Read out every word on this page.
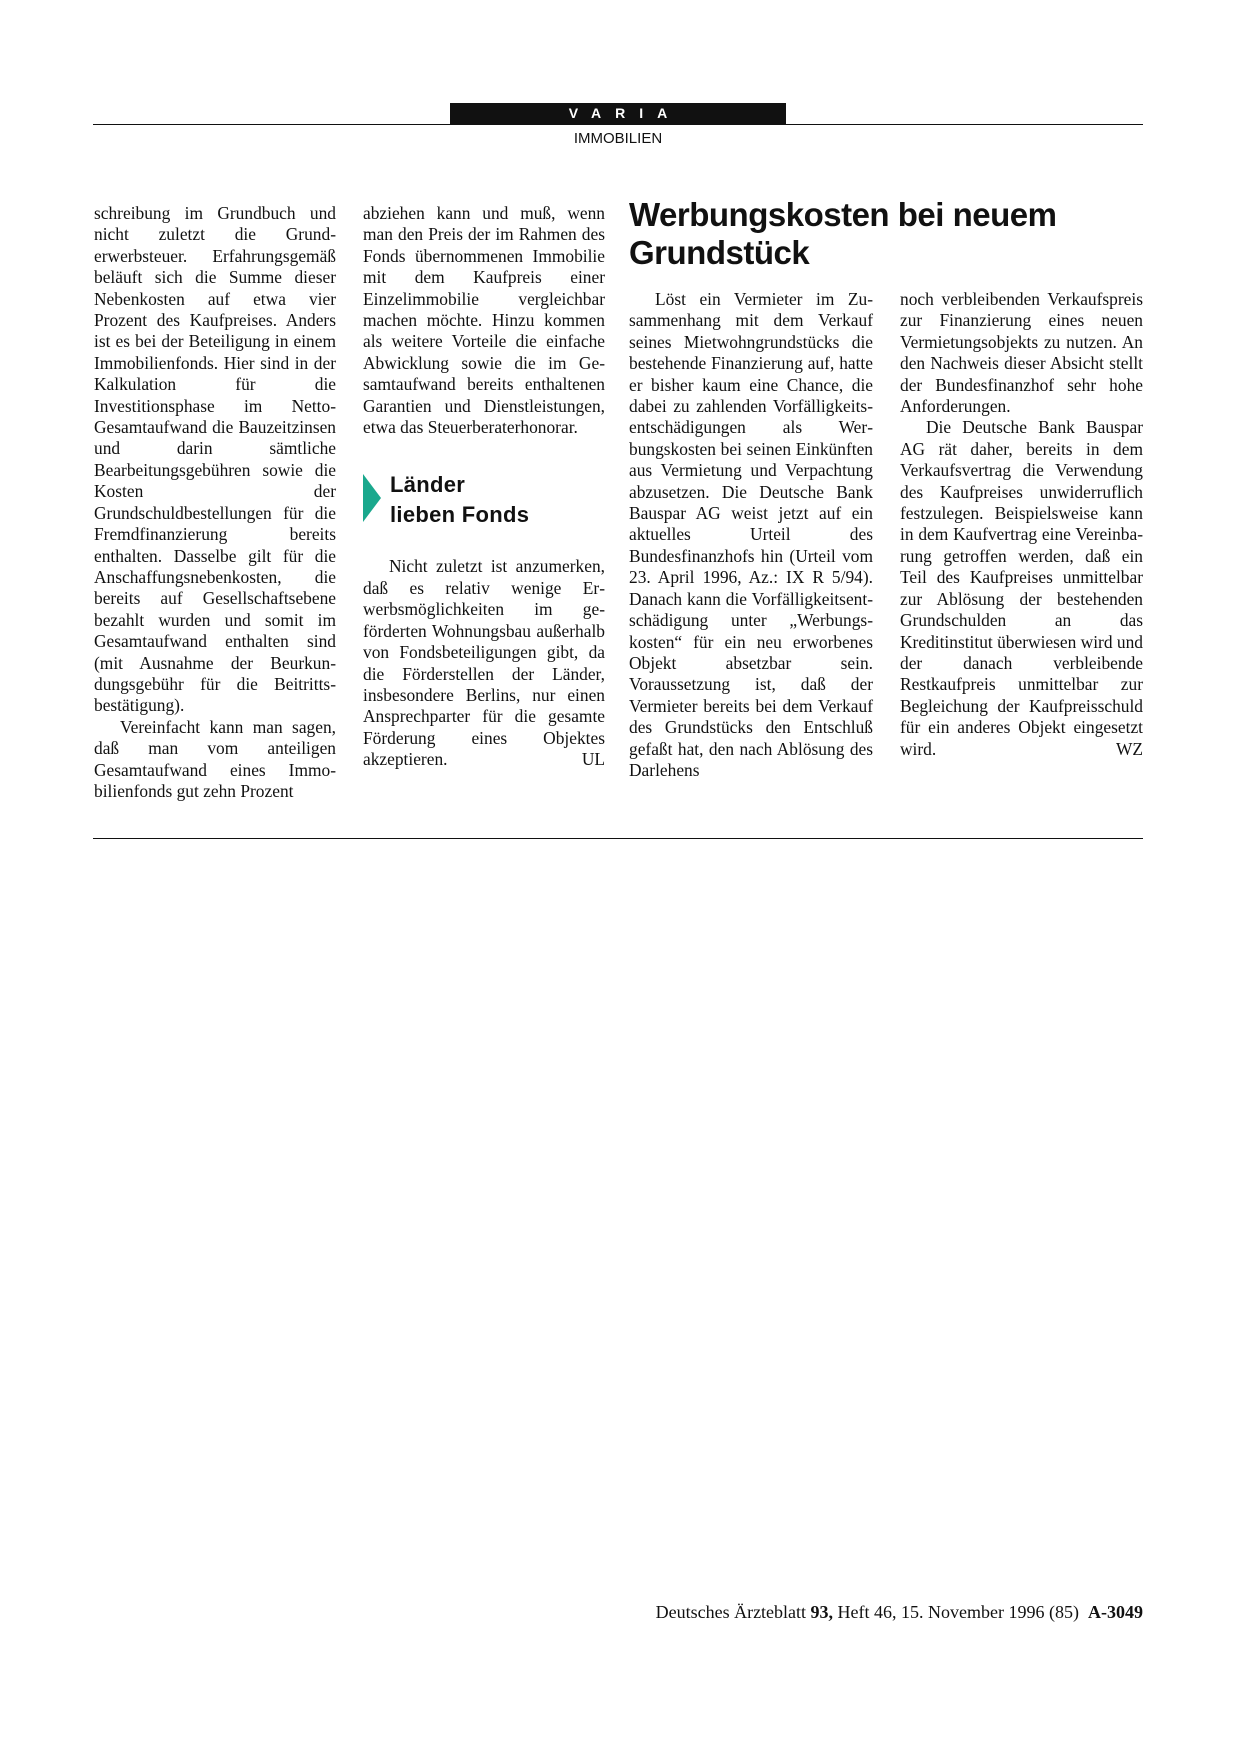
VARIA
IMMOBILIEN

schreibung im Grundbuch und nicht zuletzt die Grunderwerbsteuer. Erfahrungsgemäß beläuft sich die Summe dieser Nebenkosten auf etwa vier Prozent des Kaufpreises. Anders ist es bei der Beteiligung in einem Immobilienfonds. Hier sind in der Kalkulation für die Investitionsphase im Netto-Gesamtaufwand die Bauzeitzinsen und darin sämtliche Bearbeitungsgebühren sowie die Kosten der Grundschuldbestellungen für die Fremdfinanzierung bereits enthalten. Dasselbe gilt für die Anschaffungsnebenkosten, die bereits auf Gesellschaftsebene bezahlt wurden und somit im Gesamtaufwand enthalten sind (mit Ausnahme der Beurkundungsgebühr für die Beitrittsbestätigung).

Vereinfacht kann man sagen, daß man vom anteiligen Gesamtaufwand eines Immobilienfonds gut zehn Prozent

abziehen kann und muß, wenn man den Preis der im Rahmen des Fonds übernommenen Immobilie mit dem Kaufpreis einer Einzelimmobilie vergleichbar machen möchte. Hinzu kommen als weitere Vorteile die einfache Abwicklung sowie die im Gesamtaufwand bereits enthaltenen Garantien und Dienstleistungen, etwa das Steuerberaterhonorar.

Länder
lieben Fonds

Nicht zuletzt ist anzumerken, daß es relativ wenige Erwerbsmöglichkeiten im geförderten Wohnungsbau außerhalb von Fondsbeteiligungen gibt, da die Förderstellen der Länder, insbesondere Berlins, nur einen Ansprechparter für die gesamte Förderung eines Objektes akzeptieren.	UL

Werbungskosten bei neuem Grundstück

Löst ein Vermieter im Zusammenhang mit dem Verkauf seines Mietwohngrundstücks die bestehende Finanzierung auf, hatte er bisher kaum eine Chance, die dabei zu zahlenden Vorfälligkeitsentschädigungen als Werbungskosten bei seinen Einkünften aus Vermietung und Verpachtung abzusetzen. Die Deutsche Bank Bauspar AG weist jetzt auf ein aktuelles Urteil des Bundesfinanzhofs hin (Urteil vom 23. April 1996, Az.: IX R 5/94). Danach kann die Vorfälligkeitsentschädigung unter „Werbungskosten“ für ein neu erworbenes Objekt absetzbar sein. Voraussetzung ist, daß der Vermieter bereits bei dem Verkauf des Grundstücks den Entschluß gefaßt hat, den nach Ablösung des Darlehens

noch verbleibenden Verkaufspreis zur Finanzierung eines neuen Vermietungsobjekts zu nutzen. An den Nachweis dieser Absicht stellt der Bundesfinanzhof sehr hohe Anforderungen.

Die Deutsche Bank Bauspar AG rät daher, bereits in dem Verkaufsvertrag die Verwendung des Kaufpreises unwiderruflich festzulegen. Beispielsweise kann in dem Kaufvertrag eine Vereinbarung getroffen werden, daß ein Teil des Kaufpreises unmittelbar zur Ablösung der bestehenden Grundschulden an das Kreditinstitut überwiesen wird und der danach verbleibende Restkaufpreis unmittelbar zur Begleichung der Kaufpreisschuld für ein anderes Objekt eingesetzt wird.	WZ

Deutsches Ärzteblatt 93, Heft 46, 15. November 1996 (85) A-3049
